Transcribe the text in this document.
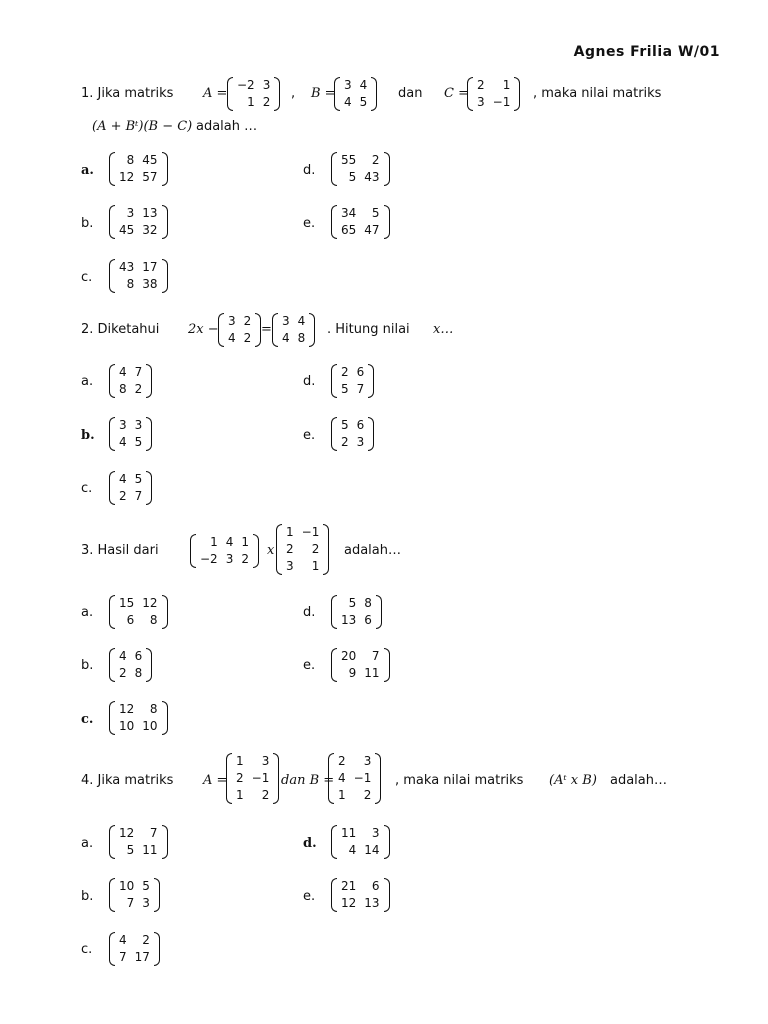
Agnes Frilia W/01
1. Jika matriks A =
−2	3
1	2
, B =
3	4
4	5
dan C =
2	1
3	−1
, maka nilai matriks
(A + Bᵗ)(B − C) adalah …
a.
8	45
12	57	d.
55	2
5	43
b.
3	13
45	32	e.
34	5
65	47
c.
43	17
8	38
2. Diketahui 2x −
3	2
4	2
=
3	4
4	8
. Hitung nilai x…
a.
4	7
8	2	d.
2	6
5	7
b.
3	3
4	5	e.
5	6
2	3
c.
4	5
2	7
3. Hasil dari
1	4	1
−2	3	2
x
1	−1
2	2
3	1
adalah…
a.
15	12
6	8	d.
5	8
13	6
b.
4	6
2	8	e.
20	7
9	11
c.
12	8
10	10
4. Jika matriks A =
1	3
2	−1
1	2
dan B =
2	3
4	−1
1	2
, maka nilai matriks (Aᵗ x B) adalah…
a.
12	7
5	11	d.
11	3
4	14
b.
10	5
7	3	e.
21	6
12	13
c.
4	2
7	17
